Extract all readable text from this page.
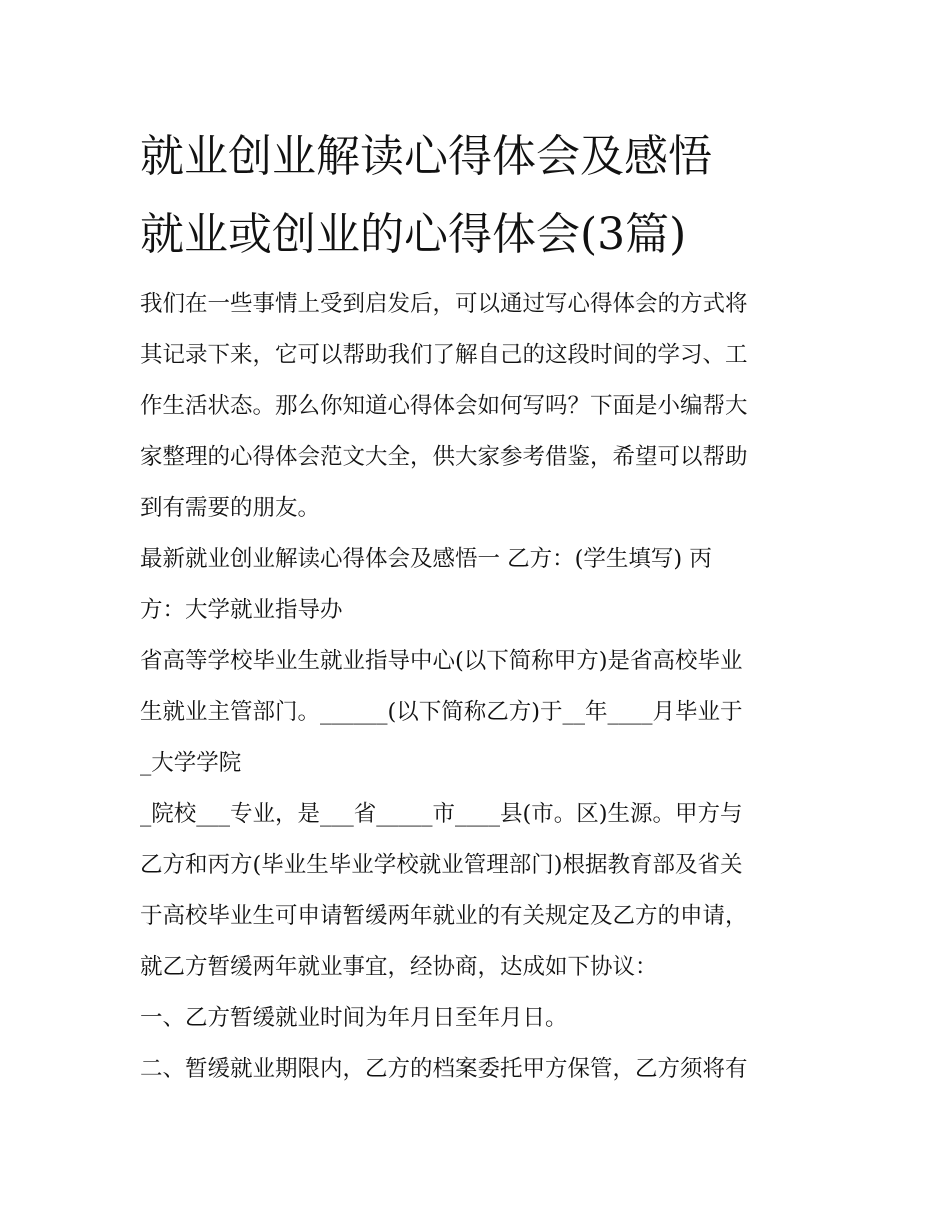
就业创业解读心得体会及感悟
就业或创业的心得体会(3篇)

我们在一些事情上受到启发后，可以通过写心得体会的方式将
其记录下来，它可以帮助我们了解自己的这段时间的学习、工
作生活状态。那么你知道心得体会如何写吗？下面是小编帮大
家整理的心得体会范文大全，供大家参考借鉴，希望可以帮助
到有需要的朋友。

最新就业创业解读心得体会及感悟一 乙方：(学生填写) 丙
方：大学就业指导办

省高等学校毕业生就业指导中心(以下简称甲方)是省高校毕业
生就业主管部门。______(以下简称乙方)于__年____月毕业于
_大学学院

_院校___专业，是___省_____市____县(市。区)生源。甲方与
乙方和丙方(毕业生毕业学校就业管理部门)根据教育部及省关
于高校毕业生可申请暂缓两年就业的有关规定及乙方的申请，
就乙方暂缓两年就业事宜，经协商，达成如下协议：

一、乙方暂缓就业时间为年月日至年月日。

二、暂缓就业期限内，乙方的档案委托甲方保管，乙方须将有
